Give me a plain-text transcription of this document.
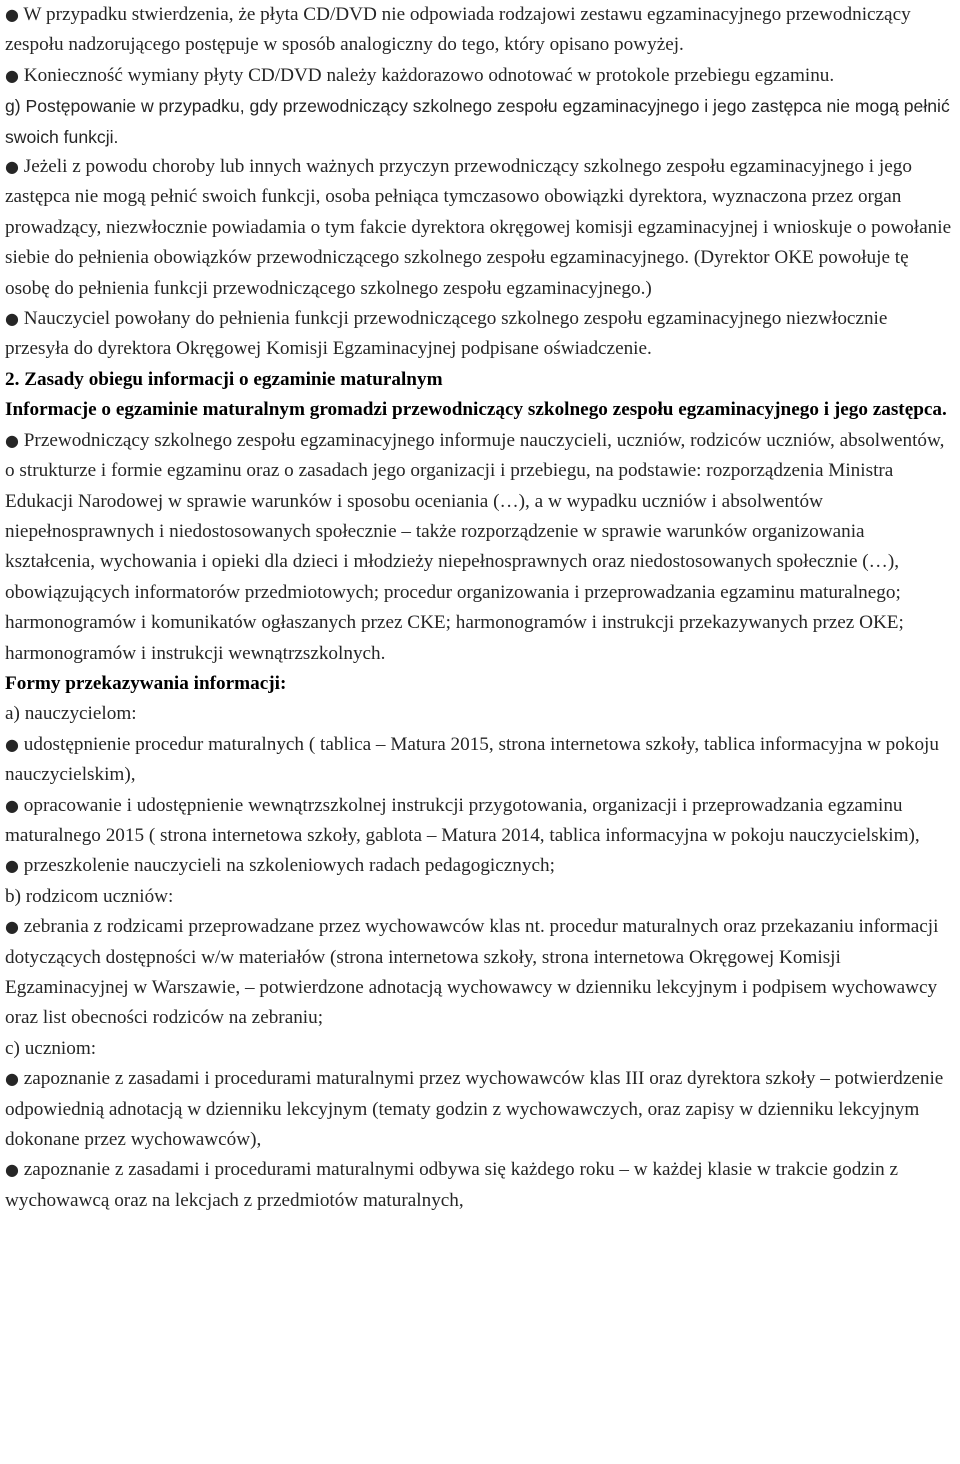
● W przypadku stwierdzenia, że płyta CD/DVD nie odpowiada rodzajowi zestawu egzaminacyjnego przewodniczący zespołu nadzorującego postępuje w sposób analogiczny do tego, który opisano powyżej.

● Konieczność wymiany płyty CD/DVD należy każdorazowo odnotować w protokole przebiegu egzaminu.

g) Postępowanie w przypadku, gdy przewodniczący szkolnego zespołu egzaminacyjnego i jego zastępca nie mogą pełnić swoich funkcji.

● Jeżeli z powodu choroby lub innych ważnych przyczyn przewodniczący szkolnego zespołu egzaminacyjnego i jego zastępca nie mogą pełnić swoich funkcji, osoba pełniąca tymczasowo obowiązki dyrektora, wyznaczona przez organ prowadzący, niezwłocznie powiadamia o tym fakcie dyrektora okręgowej komisji egzaminacyjnej i wnioskuje o powołanie siebie do pełnienia obowiązków przewodniczącego szkolnego zespołu egzaminacyjnego. (Dyrektor OKE powołuje tę osobę do pełnienia funkcji przewodniczącego szkolnego zespołu egzaminacyjnego.)

● Nauczyciel powołany do pełnienia funkcji przewodniczącego szkolnego zespołu egzaminacyjnego niezwłocznie przesyła do dyrektora Okręgowej Komisji Egzaminacyjnej podpisane oświadczenie.

2. Zasady obiegu informacji o egzaminie maturalnym

Informacje o egzaminie maturalnym gromadzi przewodniczący szkolnego zespołu egzaminacyjnego i jego zastępca.

● Przewodniczący szkolnego zespołu egzaminacyjnego informuje nauczycieli, uczniów, rodziców uczniów, absolwentów, o strukturze i formie egzaminu oraz o zasadach jego organizacji i przebiegu, na podstawie: rozporządzenia Ministra Edukacji Narodowej w sprawie warunków i sposobu oceniania (…), a w wypadku uczniów i absolwentów niepełnosprawnych i niedostosowanych społecznie – także rozporządzenie w sprawie warunków organizowania kształcenia, wychowania i opieki dla dzieci i młodzieży niepełnosprawnych oraz niedostosowanych społecznie (…), obowiązujących informatorów przedmiotowych; procedur organizowania i przeprowadzania egzaminu maturalnego; harmonogramów i komunikatów ogłaszanych przez CKE; harmonogramów i instrukcji przekazywanych przez OKE; harmonogramów i instrukcji wewnątrzszkolnych.

Formy przekazywania informacji:

a) nauczycielom:

● udostępnienie procedur maturalnych ( tablica – Matura 2015, strona internetowa szkoły, tablica informacyjna w pokoju nauczycielskim),

● opracowanie i udostępnienie wewnątrzszkolnej instrukcji przygotowania, organizacji i przeprowadzania egzaminu maturalnego 2015 ( strona internetowa szkoły, gablota – Matura 2014, tablica informacyjna w pokoju nauczycielskim),

● przeszkolenie nauczycieli na szkoleniowych radach pedagogicznych;

b) rodzicom uczniów:

● zebrania z rodzicami przeprowadzane przez wychowawców klas nt. procedur maturalnych oraz przekazaniu informacji dotyczących dostępności w/w materiałów (strona internetowa szkoły, strona internetowa Okręgowej Komisji Egzaminacyjnej w Warszawie, – potwierdzone adnotacją wychowawcy w dzienniku lekcyjnym i podpisem wychowawcy oraz list obecności rodziców na zebraniu;

c) uczniom:

● zapoznanie z zasadami i procedurami maturalnymi przez wychowawców klas III oraz dyrektora szkoły – potwierdzenie odpowiednią adnotacją w dzienniku lekcyjnym (tematy godzin z wychowawczych, oraz zapisy w dzienniku lekcyjnym dokonane przez wychowawców),

● zapoznanie z zasadami i procedurami maturalnymi odbywa się każdego roku – w każdej klasie w trakcie godzin z wychowawcą oraz na lekcjach z przedmiotów maturalnych,
